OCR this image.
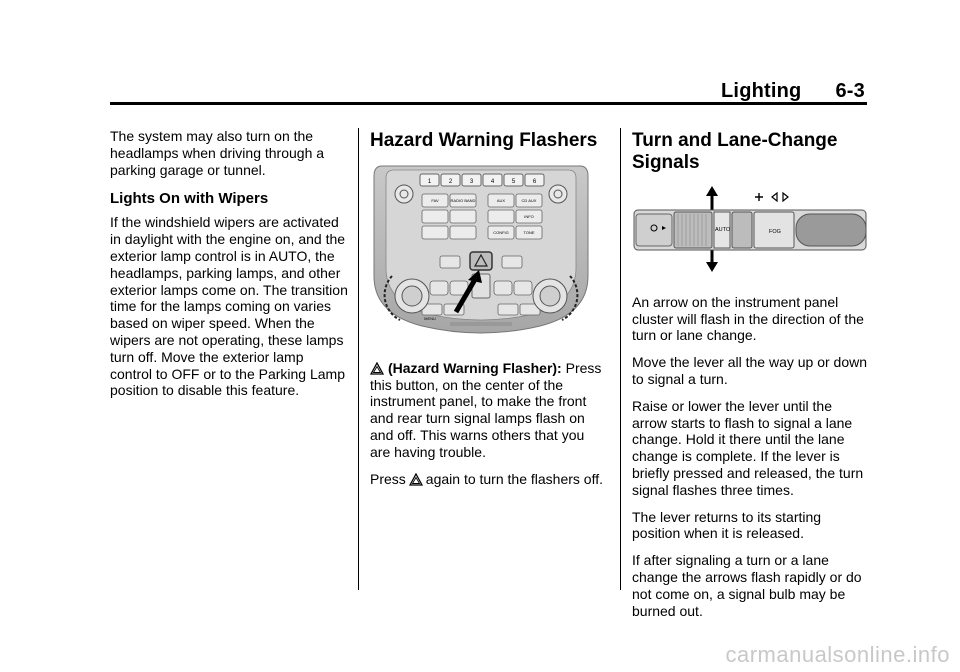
Lighting 6-3

The system may also turn on the headlamps when driving through a parking garage or tunnel.

Lights On with Wipers

If the windshield wipers are activated in daylight with the engine on, and the exterior lamp control is in AUTO, the headlamps, parking lamps, and other exterior lamps come on. The transition time for the lamps coming on varies based on wiper speed. When the wipers are not operating, these lamps turn off. Move the exterior lamp control to OFF or to the Parking Lamp position to disable this feature.

Hazard Warning Flashers
1	2	3	4	5	6
FAV	RADIO BAND	AUX	CD AUX
INFO
CONFIG	TONE
MENU

(Hazard Warning Flasher): Press this button, on the center of the instrument panel, to make the front and rear turn signal lamps flash on and off. This warns others that you are having trouble.

Press again to turn the flashers off.

Turn and Lane-Change Signals
AUTO	FOG

An arrow on the instrument panel cluster will flash in the direction of the turn or lane change.

Move the lever all the way up or down to signal a turn.

Raise or lower the lever until the arrow starts to flash to signal a lane change. Hold it there until the lane change is complete. If the lever is briefly pressed and released, the turn signal flashes three times.

The lever returns to its starting position when it is released.

If after signaling a turn or a lane change the arrows flash rapidly or do not come on, a signal bulb may be burned out.

carmanualsonline.info
